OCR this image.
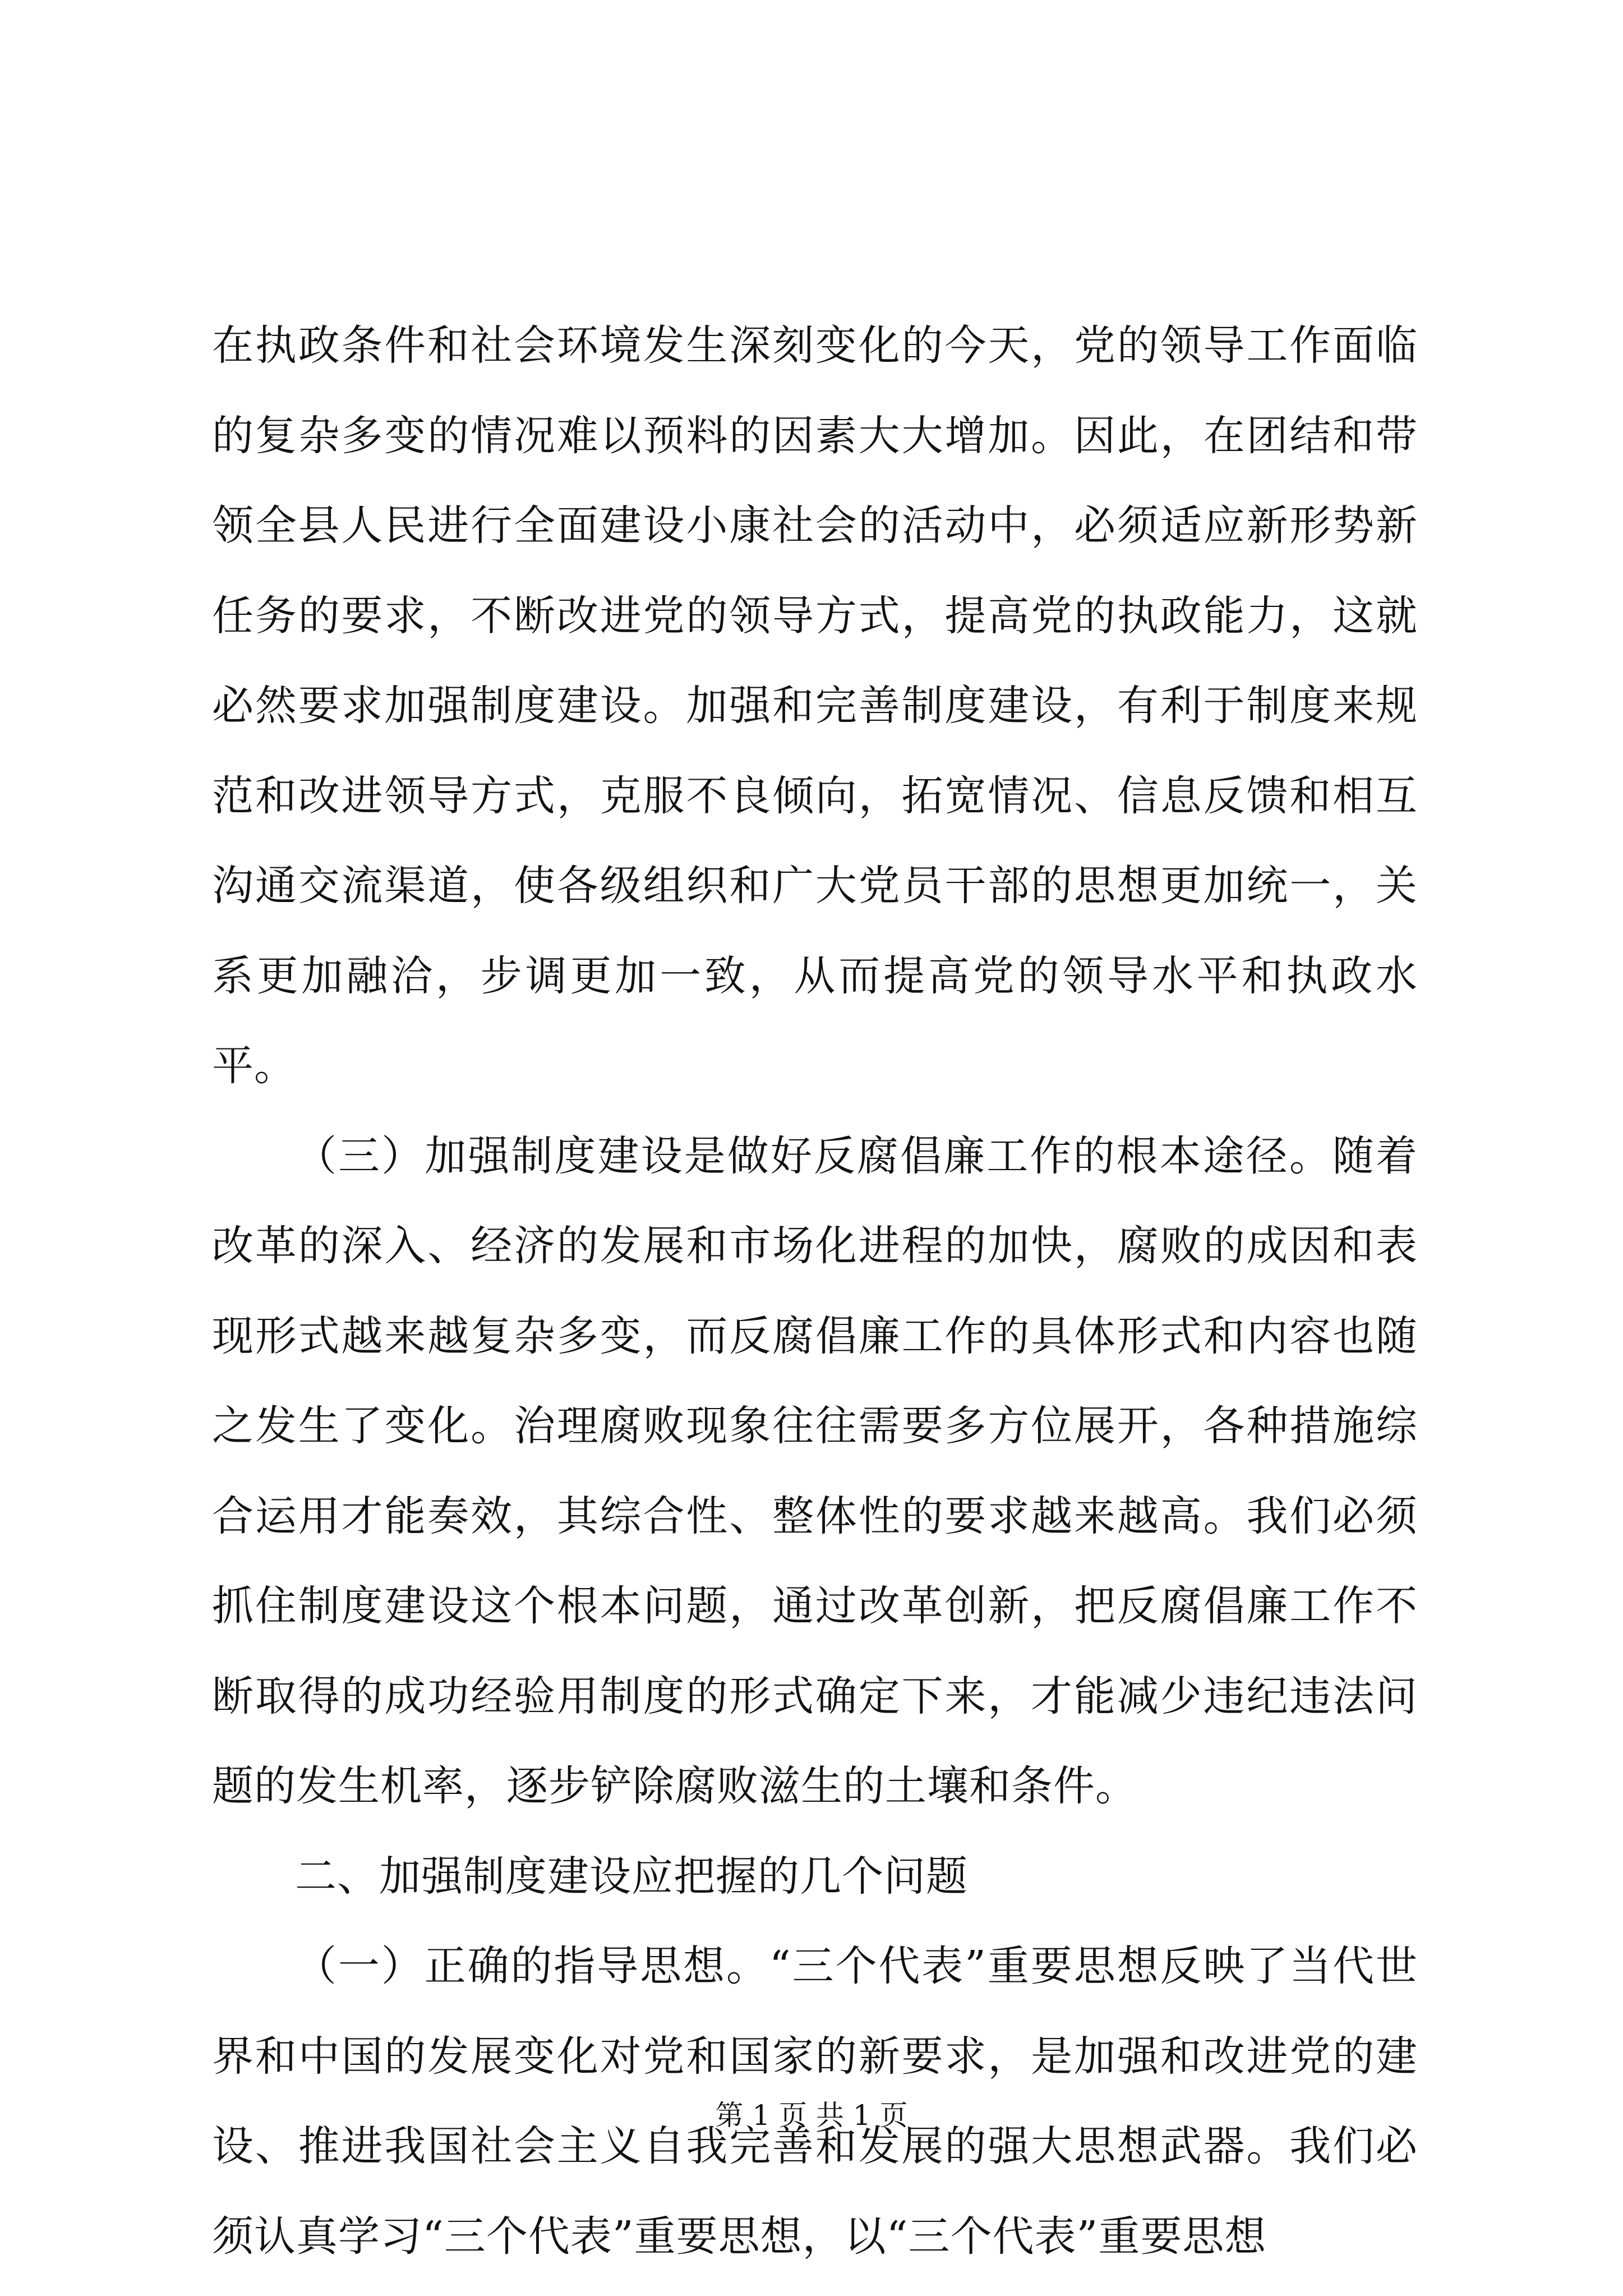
在执政条件和社会环境发生深刻变化的今天，党的领导工作面临的复杂多变的情况难以预料的因素大大增加。因此，在团结和带领全县人民进行全面建设小康社会的活动中，必须适应新形势新任务的要求，不断改进党的领导方式，提高党的执政能力，这就必然要求加强制度建设。加强和完善制度建设，有利于制度来规范和改进领导方式，克服不良倾向，拓宽情况、信息反馈和相互沟通交流渠道，使各级组织和广大党员干部的思想更加统一，关系更加融洽，步调更加一致，从而提高党的领导水平和执政水平。

（三）加强制度建设是做好反腐倡廉工作的根本途径。随着改革的深入、经济的发展和市场化进程的加快，腐败的成因和表现形式越来越复杂多变，而反腐倡廉工作的具体形式和内容也随之发生了变化。治理腐败现象往往需要多方位展开，各种措施综合运用才能奏效，其综合性、整体性的要求越来越高。我们必须抓住制度建设这个根本问题，通过改革创新，把反腐倡廉工作不断取得的成功经验用制度的形式确定下来，才能减少违纪违法问题的发生机率，逐步铲除腐败滋生的土壤和条件。

二、加强制度建设应把握的几个问题

（一）正确的指导思想。“三个代表”重要思想反映了当代世界和中国的发展变化对党和国家的新要求，是加强和改进党的建设、推进我国社会主义自我完善和发展的强大思想武器。我们必须认真学习“三个代表”重要思想，以“三个代表”重要思想

第 1 页 共 1 页
